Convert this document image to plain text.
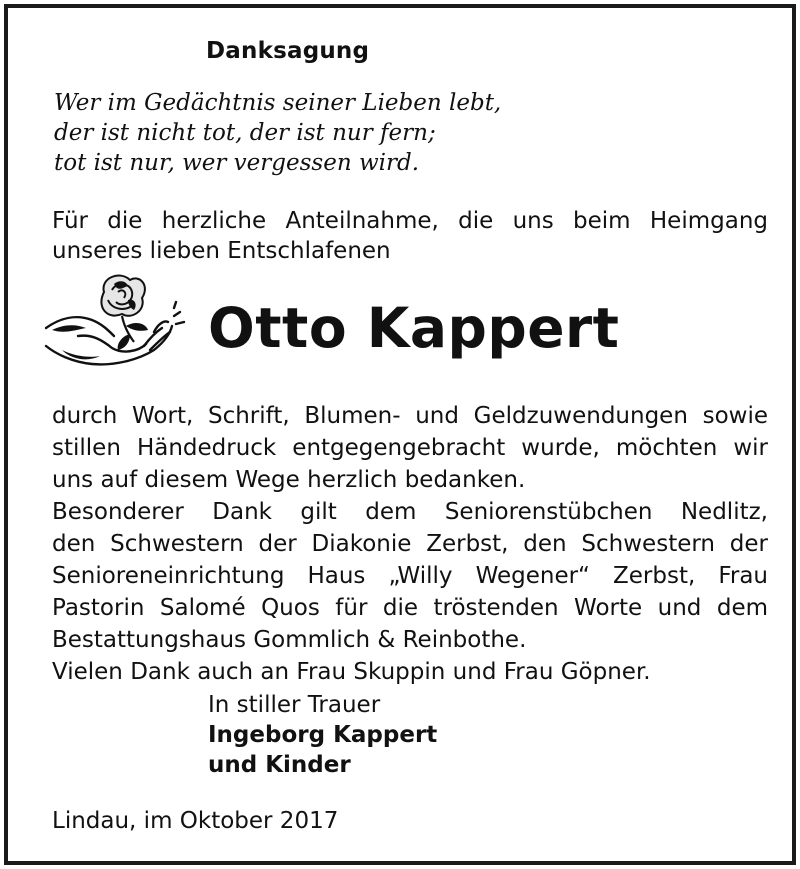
Danksagung
Wer im Gedächtnis seiner Lieben lebt,
der ist nicht tot, der ist nur fern;
tot ist nur, wer vergessen wird.
Für die herzliche Anteilnahme, die uns beim Heimgang
unseres lieben Entschlafenen
Otto Kappert
durch Wort, Schrift, Blumen- und Geldzuwendungen sowie
stillen Händedruck entgegengebracht wurde, möchten wir
uns auf diesem Wege herzlich bedanken.
Besonderer Dank gilt dem Seniorenstübchen Nedlitz,
den Schwestern der Diakonie Zerbst, den Schwestern der
Senioreneinrichtung Haus „Willy Wegener“ Zerbst, Frau
Pastorin Salomé Quos für die tröstenden Worte und dem
Bestattungshaus Gommlich & Reinbothe.
Vielen Dank auch an Frau Skuppin und Frau Göpner.
In stiller Trauer
Ingeborg Kappert
und Kinder
Lindau, im Oktober 2017
